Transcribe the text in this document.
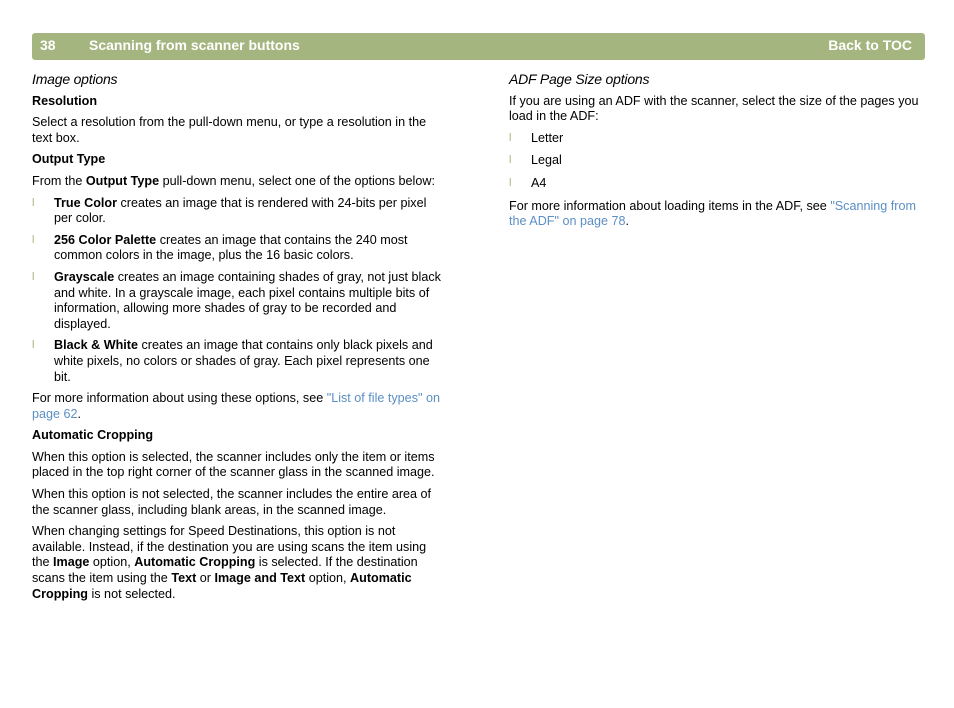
38 Scanning from scanner buttons	Back to TOC
Image options
Resolution

Select a resolution from the pull-down menu, or type a resolution in the text box.

Output Type

From the Output Type pull-down menu, select one of the options below:

l True Color creates an image that is rendered with 24-bits per pixel per color.
l 256 Color Palette creates an image that contains the 240 most common colors in the image, plus the 16 basic colors.
l Grayscale creates an image containing shades of gray, not just black and white. In a grayscale image, each pixel contains multiple bits of information, allowing more shades of gray to be recorded and displayed.
l Black & White creates an image that contains only black pixels and white pixels, no colors or shades of gray. Each pixel represents one bit.

For more information about using these options, see "List of file types" on page 62.

Automatic Cropping

When this option is selected, the scanner includes only the item or items placed in the top right corner of the scanner glass in the scanned image.

When this option is not selected, the scanner includes the entire area of the scanner glass, including blank areas, in the scanned image.

When changing settings for Speed Destinations, this option is not available. Instead, if the destination you are using scans the item using the Image option, Automatic Cropping is selected. If the destination scans the item using the Text or Image and Text option, Automatic Cropping is not selected.

ADF Page Size options

If you are using an ADF with the scanner, select the size of the pages you load in the ADF:

l Letter
l Legal
l A4

For more information about loading items in the ADF, see "Scanning from the ADF" on page 78.
